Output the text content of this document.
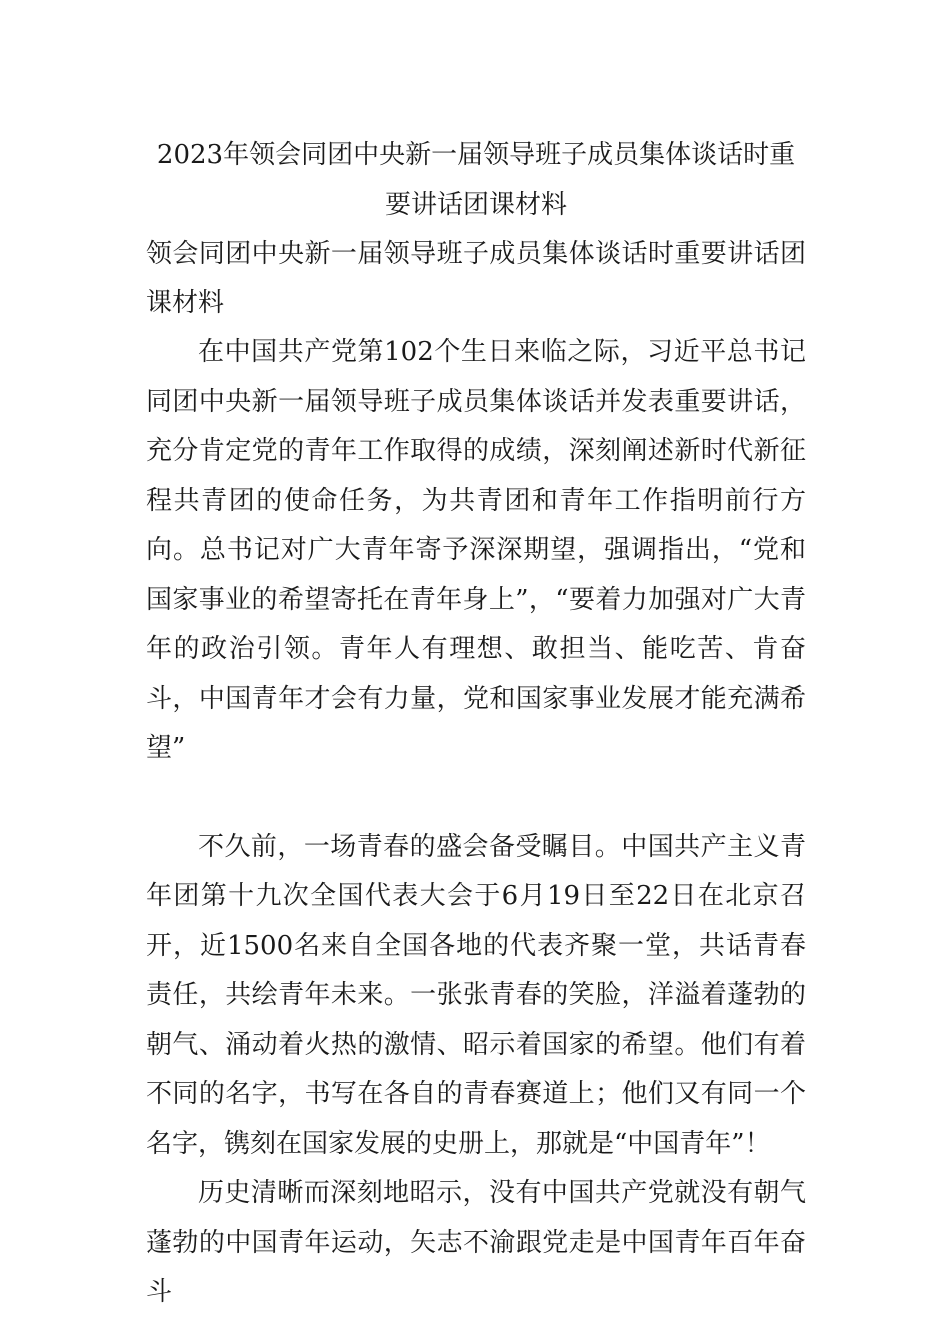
2023年领会同团中央新一届领导班子成员集体谈话时重要讲话团课材料

领会同团中央新一届领导班子成员集体谈话时重要讲话团课材料

在中国共产党第102个生日来临之际，习近平总书记同团中央新一届领导班子成员集体谈话并发表重要讲话，充分肯定党的青年工作取得的成绩，深刻阐述新时代新征程共青团的使命任务，为共青团和青年工作指明前行方向。总书记对广大青年寄予深深期望，强调指出，“党和国家事业的希望寄托在青年身上”，“要着力加强对广大青年的政治引领。青年人有理想、敢担当、能吃苦、肯奋斗，中国青年才会有力量，党和国家事业发展才能充满希望”

不久前，一场青春的盛会备受瞩目。中国共产主义青年团第十九次全国代表大会于6月19日至22日在北京召开，近1500名来自全国各地的代表齐聚一堂，共话青春责任，共绘青年未来。一张张青春的笑脸，洋溢着蓬勃的朝气、涌动着火热的激情、昭示着国家的希望。他们有着不同的名字，书写在各自的青春赛道上；他们又有同一个名字，镌刻在国家发展的史册上，那就是“中国青年”！

历史清晰而深刻地昭示，没有中国共产党就没有朝气蓬勃的中国青年运动，矢志不渝跟党走是中国青年百年奋斗
